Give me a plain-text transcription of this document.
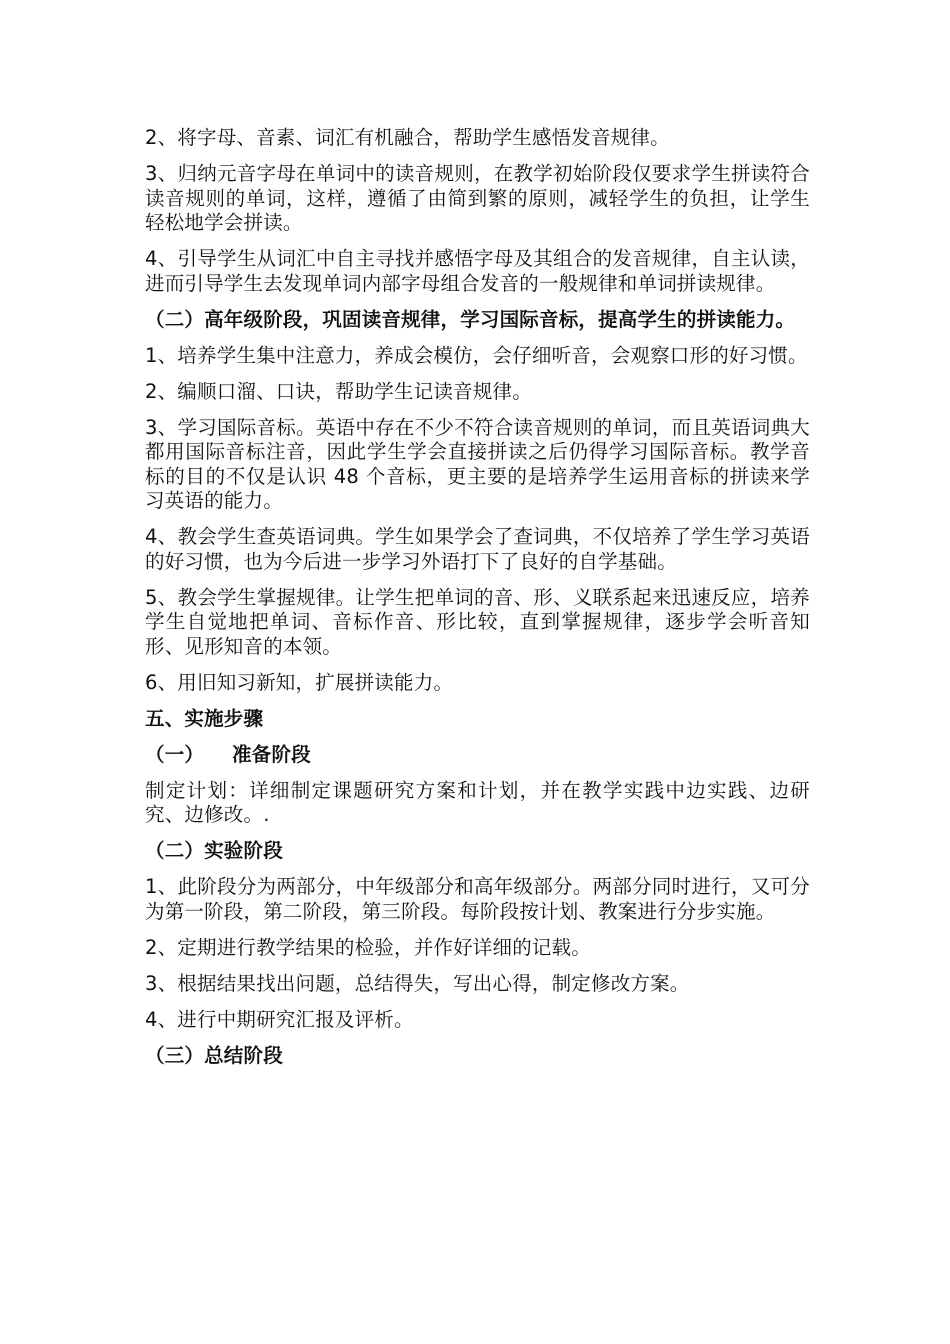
2、将字母、音素、词汇有机融合，帮助学生感悟发音规律。

3、归纳元音字母在单词中的读音规则，在教学初始阶段仅要求学生拼读符合读音规则的单词，这样，遵循了由简到繁的原则，减轻学生的负担，让学生轻松地学会拼读。

4、引导学生从词汇中自主寻找并感悟字母及其组合的发音规律，自主认读，进而引导学生去发现单词内部字母组合发音的一般规律和单词拼读规律。

（二）高年级阶段，巩固读音规律，学习国际音标，提高学生的拼读能力。

1、培养学生集中注意力，养成会模仿，会仔细听音，会观察口形的好习惯。

2、编顺口溜、口诀，帮助学生记读音规律。

3、学习国际音标。英语中存在不少不符合读音规则的单词，而且英语词典大都用国际音标注音，因此学生学会直接拼读之后仍得学习国际音标。教学音标的目的不仅是认识 48 个音标，更主要的是培养学生运用音标的拼读来学习英语的能力。

4、教会学生查英语词典。学生如果学会了查词典，不仅培养了学生学习英语的好习惯，也为今后进一步学习外语打下了良好的自学基础。

5、教会学生掌握规律。让学生把单词的音、形、义联系起来迅速反应，培养学生自觉地把单词、音标作音、形比较，直到掌握规律，逐步学会听音知形、见形知音的本领。

6、用旧知习新知，扩展拼读能力。

五、实施步骤

（一）    准备阶段

制定计划：详细制定课题研究方案和计划，并在教学实践中边实践、边研究、边修改。.

（二）实验阶段

1、此阶段分为两部分，中年级部分和高年级部分。两部分同时进行，又可分为第一阶段，第二阶段，第三阶段。每阶段按计划、教案进行分步实施。

2、定期进行教学结果的检验，并作好详细的记载。

3、根据结果找出问题，总结得失，写出心得，制定修改方案。

4、进行中期研究汇报及评析。

（三）总结阶段
